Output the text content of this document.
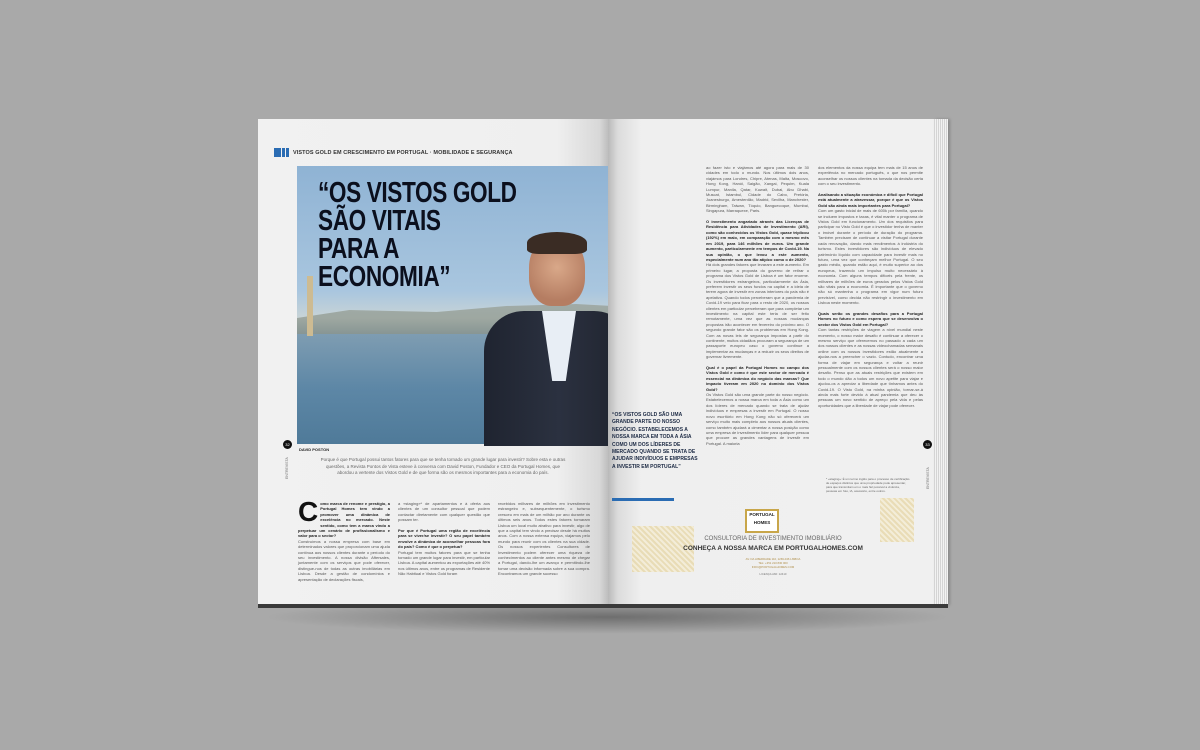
VISTOS GOLD EM CRESCIMENTO EM PORTUGAL · MOBILIDADE E SEGURANÇA
“OS VISTOS GOLD
SÃO VITAIS
PARA A
ECONOMIA”
32
ENTREVISTA
DAVID POSTON
Porque é que Portugal possui tantos fatores para que se tenha tornado um grande lugar para investir? Sobre esta e outras questões, a Revista Pontos de Vista esteve à conversa com David Poston, Fundador e CEO da Portugal Homes, que abordou a vertente dos Vistos Gold e de que forma são os mesmos importantes para a economia do país.
Como marca de renome e prestígio, a Portugal Homes tem vindo a promover uma dinâmica de excelência no mercado. Neste sentido, como tem a marca vindo a perpetuar um cenário de profissionalismo e valor para o sector?
Construímos a nossa empresa com base em determinados valores que proporcionam uma ajuda contínua aos nossos clientes durante o período do seu investimento. A nossa divisão Aftersales, juntamente com os serviços que pode oferecer, distingue-nos de todas as outras imobiliárias em Lisboa. Desde a gestão de condomínios e apresentação de declarações fiscais,
a «staging»* de apartamentos e à oferta aos clientes de um consultor pessoal que podem contactar diretamente com qualquer questão que possam ter.

Por que é Portugal uma região de excelência para se viver/se investir? O seu papel também envolve a dinâmica de aconselhar pessoas fora do país? Como é que o perpetua?
Portugal tem muitos fatores para que se tenha tornado um grande lugar para investir, em particular Lisboa. A capital aumentou as exportações até 40% nos últimos anos, entre os programas de Residente Não Habitual e Vistos Gold foram
recebidos milhares de milhões em investimento estrangeiro e, subsequentemente, o turismo cresceu em mais de um milhão por ano durante os últimos seis anos. Todos estes fatores tornaram Lisboa um local muito atrativo para investir, algo de que a capital tem vindo a precisar desde há muitos anos. Com a nossa extensa equipa, viajamos pelo mundo para reunir com os clientes na sua cidade. Os nossos experientes Consultores de Investimento podem oferecer uma riqueza de conhecimentos ao cliente antes mesmo de chegar a Portugal, dando-lhe um avanço e permitindo-lhe tomar uma decisão informada sobre a sua compra. Encontramos um grande sucesso
“OS VISTOS GOLD SÃO UMA GRANDE PARTE DO NOSSO NEGÓCIO. ESTABELECEMOS A NOSSA MARCA EM TODA A ÁSIA COMO UM DOS LÍDERES DE MERCADO QUANDO SE TRATA DE AJUDAR INDIVÍDUOS E EMPRESAS A INVESTIR EM PORTUGAL”
ao fazer isto e viajámos até agora para mais de 30 cidades em todo o mundo. Nos últimos dois anos, viajámos para Londres, Chipre, Atenas, Malta, Moscovo, Hong Kong, Hanói, Saigão, Xangai, Pequim, Kuala Lumpur, Manila, Qatar, Kuwait, Dubai, Abu Dhabi, Muscat, Istambul, Cidade do Cabo, Pretória, Joanesburgo, Amesterdão, Madrid, Sevilha, Manchester, Birmingham, Taiwan, Tóquio, Banguecoque, Mumbai, Singapura, Marraquexe, Paris.

O investimento angariado através das Licenças de Residência para Atividades de Investimento (ARI), como são conhecidos os Vistos Gold, quase triplicou (192%) em maio, em comparação com o mesmo mês em 2019, para 146 milhões de euros. Um grande aumento, particularmente em tempos de Covid-19. Na sua opinião, o que levou a este aumento, especialmente num ano tão atípico como o de 2020?
Há dois grandes fatores que levaram a este aumento. Em primeiro lugar, a proposta do governo de retirar o programa dos Vistos Gold de Lisboa é um fator enorme. Os investidores estrangeiros, particularmente da Ásia, preferem investir os seus fundos na capital e a ideia de terem agora de investir em zonas interiores do país não é apelativa. Quando todos perceberam que a pandemia de Covid-19 veio para ficar para o resto de 2020, os nossos clientes em particular perceberam que para completar um investimento na capital este teria de ser feito remotamente, uma vez que as nossas mudanças propostas irão acontecer em fevereiro do próximo ano. O segundo grande fator são os problemas em Hong Kong. Com as novas leis de segurança impostas a partir do continente, muitos cidadãos procuram a segurança de um passaporte europeu caso o governo continue a implementar as mudanças e a reduzir os seus direitos de governar livremente.

Qual é o papel da Portugal Homes no campo dos Vistos Gold e como é que este sector de mercado é essencial na dinâmica do negócio das marcas? Que impacto tiveram em 2020 no domínio dos Vistos Gold?
Os Vistos Gold são uma grande parte do nosso negócio. Estabelecemos a nossa marca em toda a Ásia como um dos líderes de mercado quando se trata de ajudar indivíduos e empresas a investir em Portugal. O nosso novo escritório em Hong Kong não só oferecerá um serviço muito mais completo aos nossos atuais clientes, como também ajudará a cimentar a nossa posição como uma empresa de investimento líder para qualquer pessoa que procure as grandes vantagens de investir em Portugal. A maioria
dos elementos da nossa equipa tem mais de 15 anos de experiência no mercado português, o que nos permite aconselhar os nossos clientes na tomada da decisão certa com o seu investimento.

Analisando a situação económica e difícil que Portugal está atualmente a atravessar, porque é que os Vistos Gold são ainda mais importantes para Portugal?
Com um gasto inicial de mais de 600k por família, quando se incluem impostos e taxas, é vital manter o programa de Vistos Gold em funcionamento. Um dos requisitos para participar no Visto Gold é que o investidor tenha de manter o imóvel durante o período de duração do programa. Também precisam de continuar a visitar Portugal durante cada renovação, dando mais rendimentos à indústria do turismo. Estes investidores são indivíduos de elevado património líquido com capacidade para investir mais no futuro, uma vez que conheçam melhor Portugal. O seu gasto médio, quando estão aqui, é muito superior ao dos europeus, trazendo um impulso muito necessário à economia. Com alguns tempos difíceis pela frente, os milhares de milhões de euros gerados pelos Vistos Gold são vitais para a economia. É importante que o governo não só mantenha o programa em vigor num futuro previsível, como decida não restringir o investimento em Lisboa neste momento.

Quais serão os grandes desafios para a Portugal Homes no futuro e como espera que se desenvolva o sector dos Vistos Gold em Portugal?
Com tantas restrições de viagem a nível mundial neste momento, o nosso maior desafio é continuar a oferecer o mesmo serviço que oferecemos no passado a cada um dos nossos clientes e as nossas videochamadas semanais online com os nossos investidores estão atualmente a ajudar-nos a preencher o vazio. Contudo, encontrar uma forma de viajar em segurança e voltar a reunir pessoalmente com os nossos clientes será o nosso maior desafio. Penso que as atuais restrições que existem em todo o mundo dão a todos um novo apetite para viajar e ajudou-os a apreciar a liberdade que tínhamos antes do Covid-19. O Visto Gold, na minha opinião, tornar-se-á ainda mais forte devido à atual pandemia que deu às pessoas um novo sentido de apreço pela vida e pelas oportunidades que a liberdade de viajar pode oferecer.
33
ENTREVISTA
* «staging»: É um termo inglês para o processo de certificação de espaços distintos que uma propriedade pode apresentar, para que transmitam em o mais fiel possível a vivência, pessoas em foto, IA, acessório, entre outros.
PORTUGAL
HOMES
CONSULTORIA DE INVESTIMENTO IMOBILIÁRIO
CONHEÇA A NOSSA MARCA EM PORTUGALHOMES.COM
AV. DA LIBERDADE 110, 1269-046 LISBOA
TEL: +351 210 830 000
INFO@PORTUGALHOMES.COM
LICENÇA AMI: 12410
